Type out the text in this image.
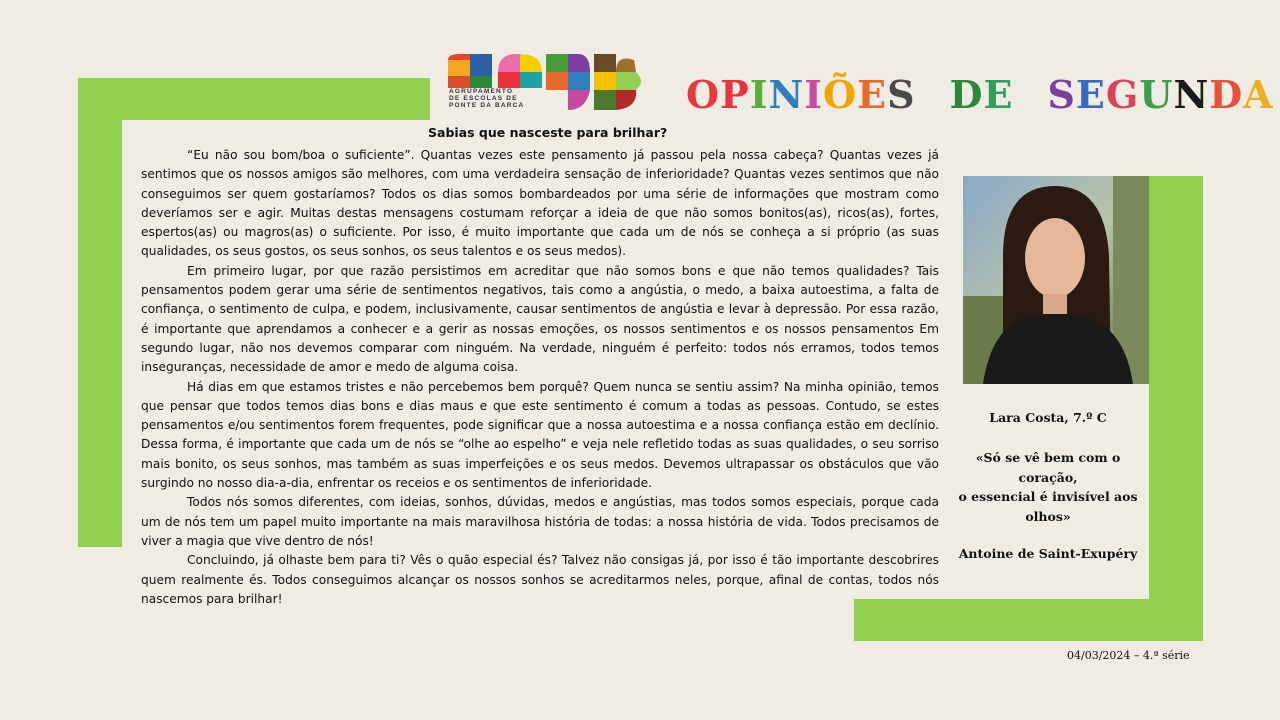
AGRUPAMENTO
DE ESCOLAS DE
PONTE DA BARCA	OPINIÕES DE SEGUNDA
Sabias que nasceste para brilhar?

“Eu não sou bom/boa o suficiente”. Quantas vezes este pensamento já passou pela nossa cabeça? Quantas vezes já sentimos que os nossos amigos são melhores, com uma verdadeira sensação de inferioridade? Quantas vezes sentimos que não conseguimos ser quem gostaríamos? Todos os dias somos bombardeados por uma série de informações que mostram como deveríamos ser e agir. Muitas destas mensagens costumam reforçar a ideia de que não somos bonitos(as), ricos(as), fortes, espertos(as) ou magros(as) o suficiente. Por isso, é muito importante que cada um de nós se conheça a si próprio (as suas qualidades, os seus gostos, os seus sonhos, os seus talentos e os seus medos).

Em primeiro lugar, por que razão persistimos em acreditar que não somos bons e que não temos qualidades? Tais pensamentos podem gerar uma série de sentimentos negativos, tais como a angústia, o medo, a baixa autoestima, a falta de confiança, o sentimento de culpa, e podem, inclusivamente, causar sentimentos de angústia e levar à depressão. Por essa razão, é importante que aprendamos a conhecer e a gerir as nossas emoções, os nossos sentimentos e os nossos pensamentos Em segundo lugar, não nos devemos comparar com ninguém. Na verdade, ninguém é perfeito: todos nós erramos, todos temos inseguranças, necessidade de amor e medo de alguma coisa.

Há dias em que estamos tristes e não percebemos bem porquê? Quem nunca se sentiu assim? Na minha opinião, temos que pensar que todos temos dias bons e dias maus e que este sentimento é comum a todas as pessoas. Contudo, se estes pensamentos e/ou sentimentos forem frequentes, pode significar que a nossa autoestima e a nossa confiança estão em declínio. Dessa forma, é importante que cada um de nós se “olhe ao espelho” e veja nele refletido todas as suas qualidades, o seu sorriso mais bonito, os seus sonhos, mas também as suas imperfeições e os seus medos. Devemos ultrapassar os obstáculos que vão surgindo no nosso dia-a-dia, enfrentar os receios e os sentimentos de inferioridade.

Todos nós somos diferentes, com ideias, sonhos, dúvidas, medos e angústias, mas todos somos especiais, porque cada um de nós tem um papel muito importante na mais maravilhosa história de todas: a nossa história de vida. Todos precisamos de viver a magia que vive dentro de nós!

Concluindo, já olhaste bem para ti? Vês o quão especial és? Talvez não consigas já, por isso é tão importante descobrires quem realmente és. Todos conseguimos alcançar os nossos sonhos se acreditarmos neles, porque, afinal de contas, todos nós nascemos para brilhar!

Lara Costa, 7.º C
«Só se vê bem com o
coração,
o essencial é invisível aos
olhos»
Antoine de Saint-Exupéry
04/03/2024 – 4.ª série
